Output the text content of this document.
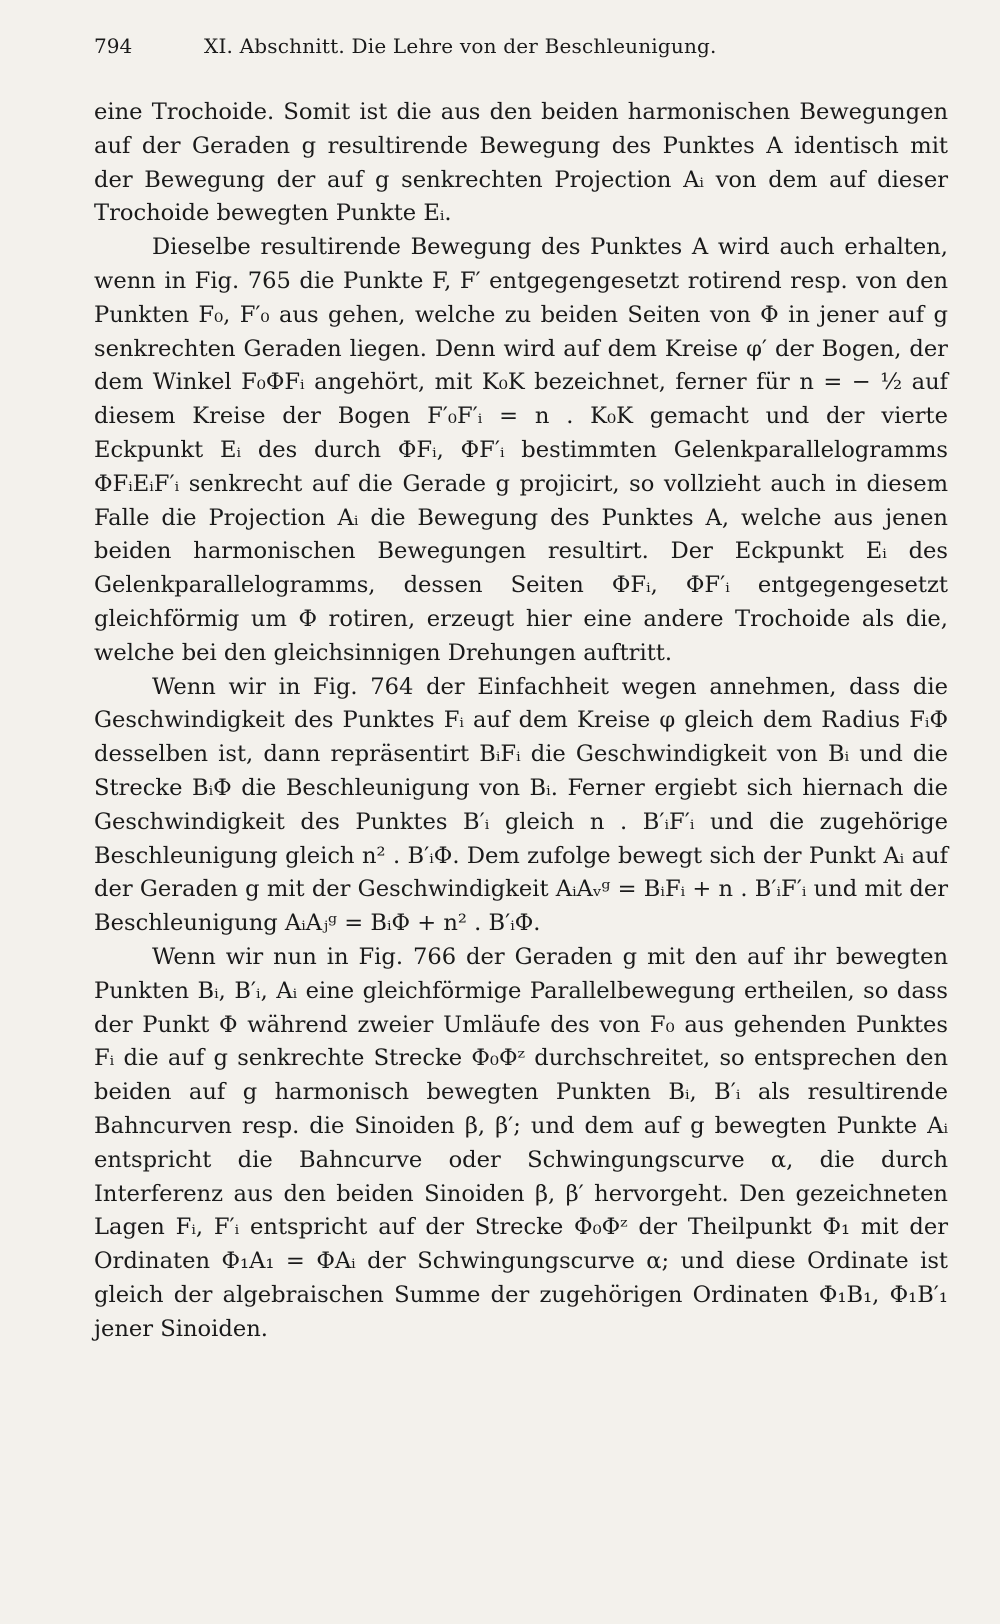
794	XI. Abschnitt. Die Lehre von der Beschleunigung.

eine Trochoide. Somit ist die aus den beiden harmonischen Bewegungen auf der Geraden g resultirende Bewegung des Punktes A identisch mit der Bewegung der auf g senkrechten Projection Aᵢ von dem auf dieser Trochoide bewegten Punkte Eᵢ.

Dieselbe resultirende Bewegung des Punktes A wird auch erhalten, wenn in Fig. 765 die Punkte F, F′ entgegengesetzt rotirend resp. von den Punkten F₀, F′₀ aus gehen, welche zu beiden Seiten von Φ in jener auf g senkrechten Geraden liegen. Denn wird auf dem Kreise φ′ der Bogen, der dem Winkel F₀ΦFᵢ angehört, mit K₀K bezeichnet, ferner für n = − ½ auf diesem Kreise der Bogen F′₀F′ᵢ = n . K₀K gemacht und der vierte Eckpunkt Eᵢ des durch ΦFᵢ, ΦF′ᵢ bestimmten Gelenkparallelogramms ΦFᵢEᵢF′ᵢ senkrecht auf die Gerade g projicirt, so vollzieht auch in diesem Falle die Projection Aᵢ die Bewegung des Punktes A, welche aus jenen beiden harmonischen Bewegungen resultirt. Der Eckpunkt Eᵢ des Gelenkparallelogramms, dessen Seiten ΦFᵢ, ΦF′ᵢ entgegengesetzt gleichförmig um Φ rotiren, erzeugt hier eine andere Trochoide als die, welche bei den gleichsinnigen Drehungen auftritt.

Wenn wir in Fig. 764 der Einfachheit wegen annehmen, dass die Geschwindigkeit des Punktes Fᵢ auf dem Kreise φ gleich dem Radius FᵢΦ desselben ist, dann repräsentirt BᵢFᵢ die Geschwindigkeit von Bᵢ und die Strecke BᵢΦ die Beschleunigung von Bᵢ. Ferner ergiebt sich hiernach die Geschwindigkeit des Punktes B′ᵢ gleich n . B′ᵢF′ᵢ und die zugehörige Beschleunigung gleich n² . B′ᵢΦ. Dem zufolge bewegt sich der Punkt Aᵢ auf der Geraden g mit der Geschwindigkeit AᵢAᵥᵍ = BᵢFᵢ + n . B′ᵢF′ᵢ und mit der Beschleunigung AᵢAⱼᵍ = BᵢΦ + n² . B′ᵢΦ.

Wenn wir nun in Fig. 766 der Geraden g mit den auf ihr bewegten Punkten Bᵢ, B′ᵢ, Aᵢ eine gleichförmige Parallelbewegung ertheilen, so dass der Punkt Φ während zweier Umläufe des von F₀ aus gehenden Punktes Fᵢ die auf g senkrechte Strecke Φ₀Φᶻ durchschreitet, so entsprechen den beiden auf g harmonisch bewegten Punkten Bᵢ, B′ᵢ als resultirende Bahncurven resp. die Sinoiden β, β′; und dem auf g bewegten Punkte Aᵢ entspricht die Bahncurve oder Schwingungscurve α, die durch Interferenz aus den beiden Sinoiden β, β′ hervorgeht. Den gezeichneten Lagen Fᵢ, F′ᵢ entspricht auf der Strecke Φ₀Φᶻ der Theilpunkt Φ₁ mit der Ordinaten Φ₁A₁ = ΦAᵢ der Schwingungscurve α; und diese Ordinate ist gleich der algebraischen Summe der zugehörigen Ordinaten Φ₁B₁, Φ₁B′₁ jener Sinoiden.
